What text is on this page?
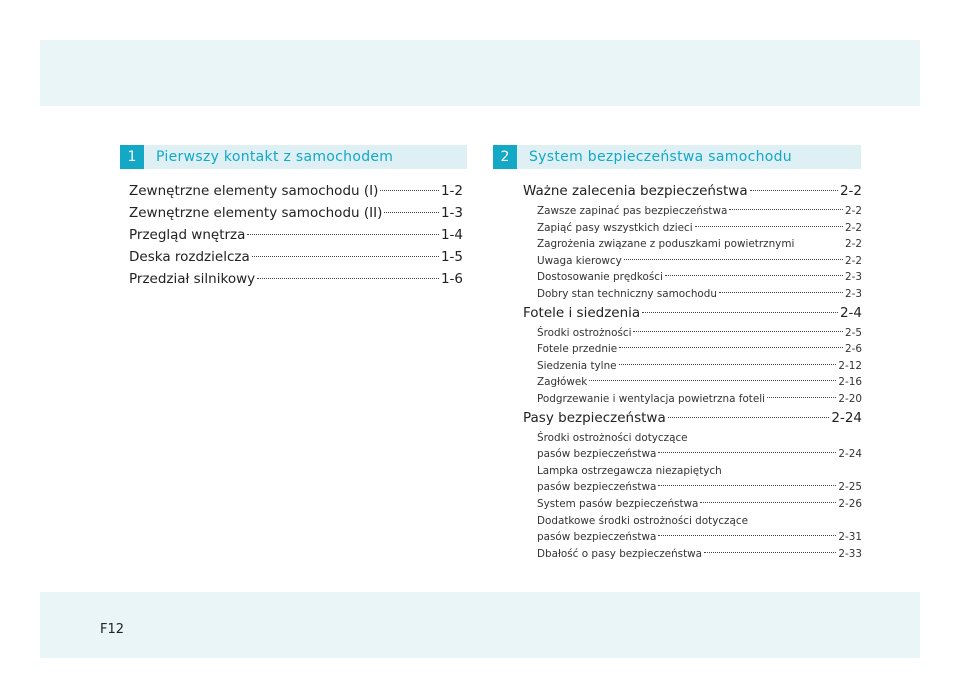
1	Pierwszy kontakt z samochodem
Zewnętrzne elementy samochodu (I)	1-2
Zewnętrzne elementy samochodu (II)	1-3
Przegląd wnętrza	1-4
Deska rozdzielcza	1-5
Przedział silnikowy	1-6
2	System bezpieczeństwa samochodu
Ważne zalecenia bezpieczeństwa	2-2
Zawsze zapinać pas bezpieczeństwa	2-2
Zapiąć pasy wszystkich dzieci	2-2
Zagrożenia związane z poduszkami powietrznymi	2-2
Uwaga kierowcy	2-2
Dostosowanie prędkości	2-3
Dobry stan techniczny samochodu	2-3
Fotele i siedzenia	2-4
Środki ostrożności	2-5
Fotele przednie	2-6
Siedzenia tylne	2-12
Zagłówek	2-16
Podgrzewanie i wentylacja powietrzna foteli	2-20
Pasy bezpieczeństwa	2-24
Środki ostrożności dotyczące
pasów bezpieczeństwa	2-24
Lampka ostrzegawcza niezapiętych
pasów bezpieczeństwa	2-25
System pasów bezpieczeństwa	2-26
Dodatkowe środki ostrożności dotyczące
pasów bezpieczeństwa	2-31
Dbałość o pasy bezpieczeństwa	2-33
F12
